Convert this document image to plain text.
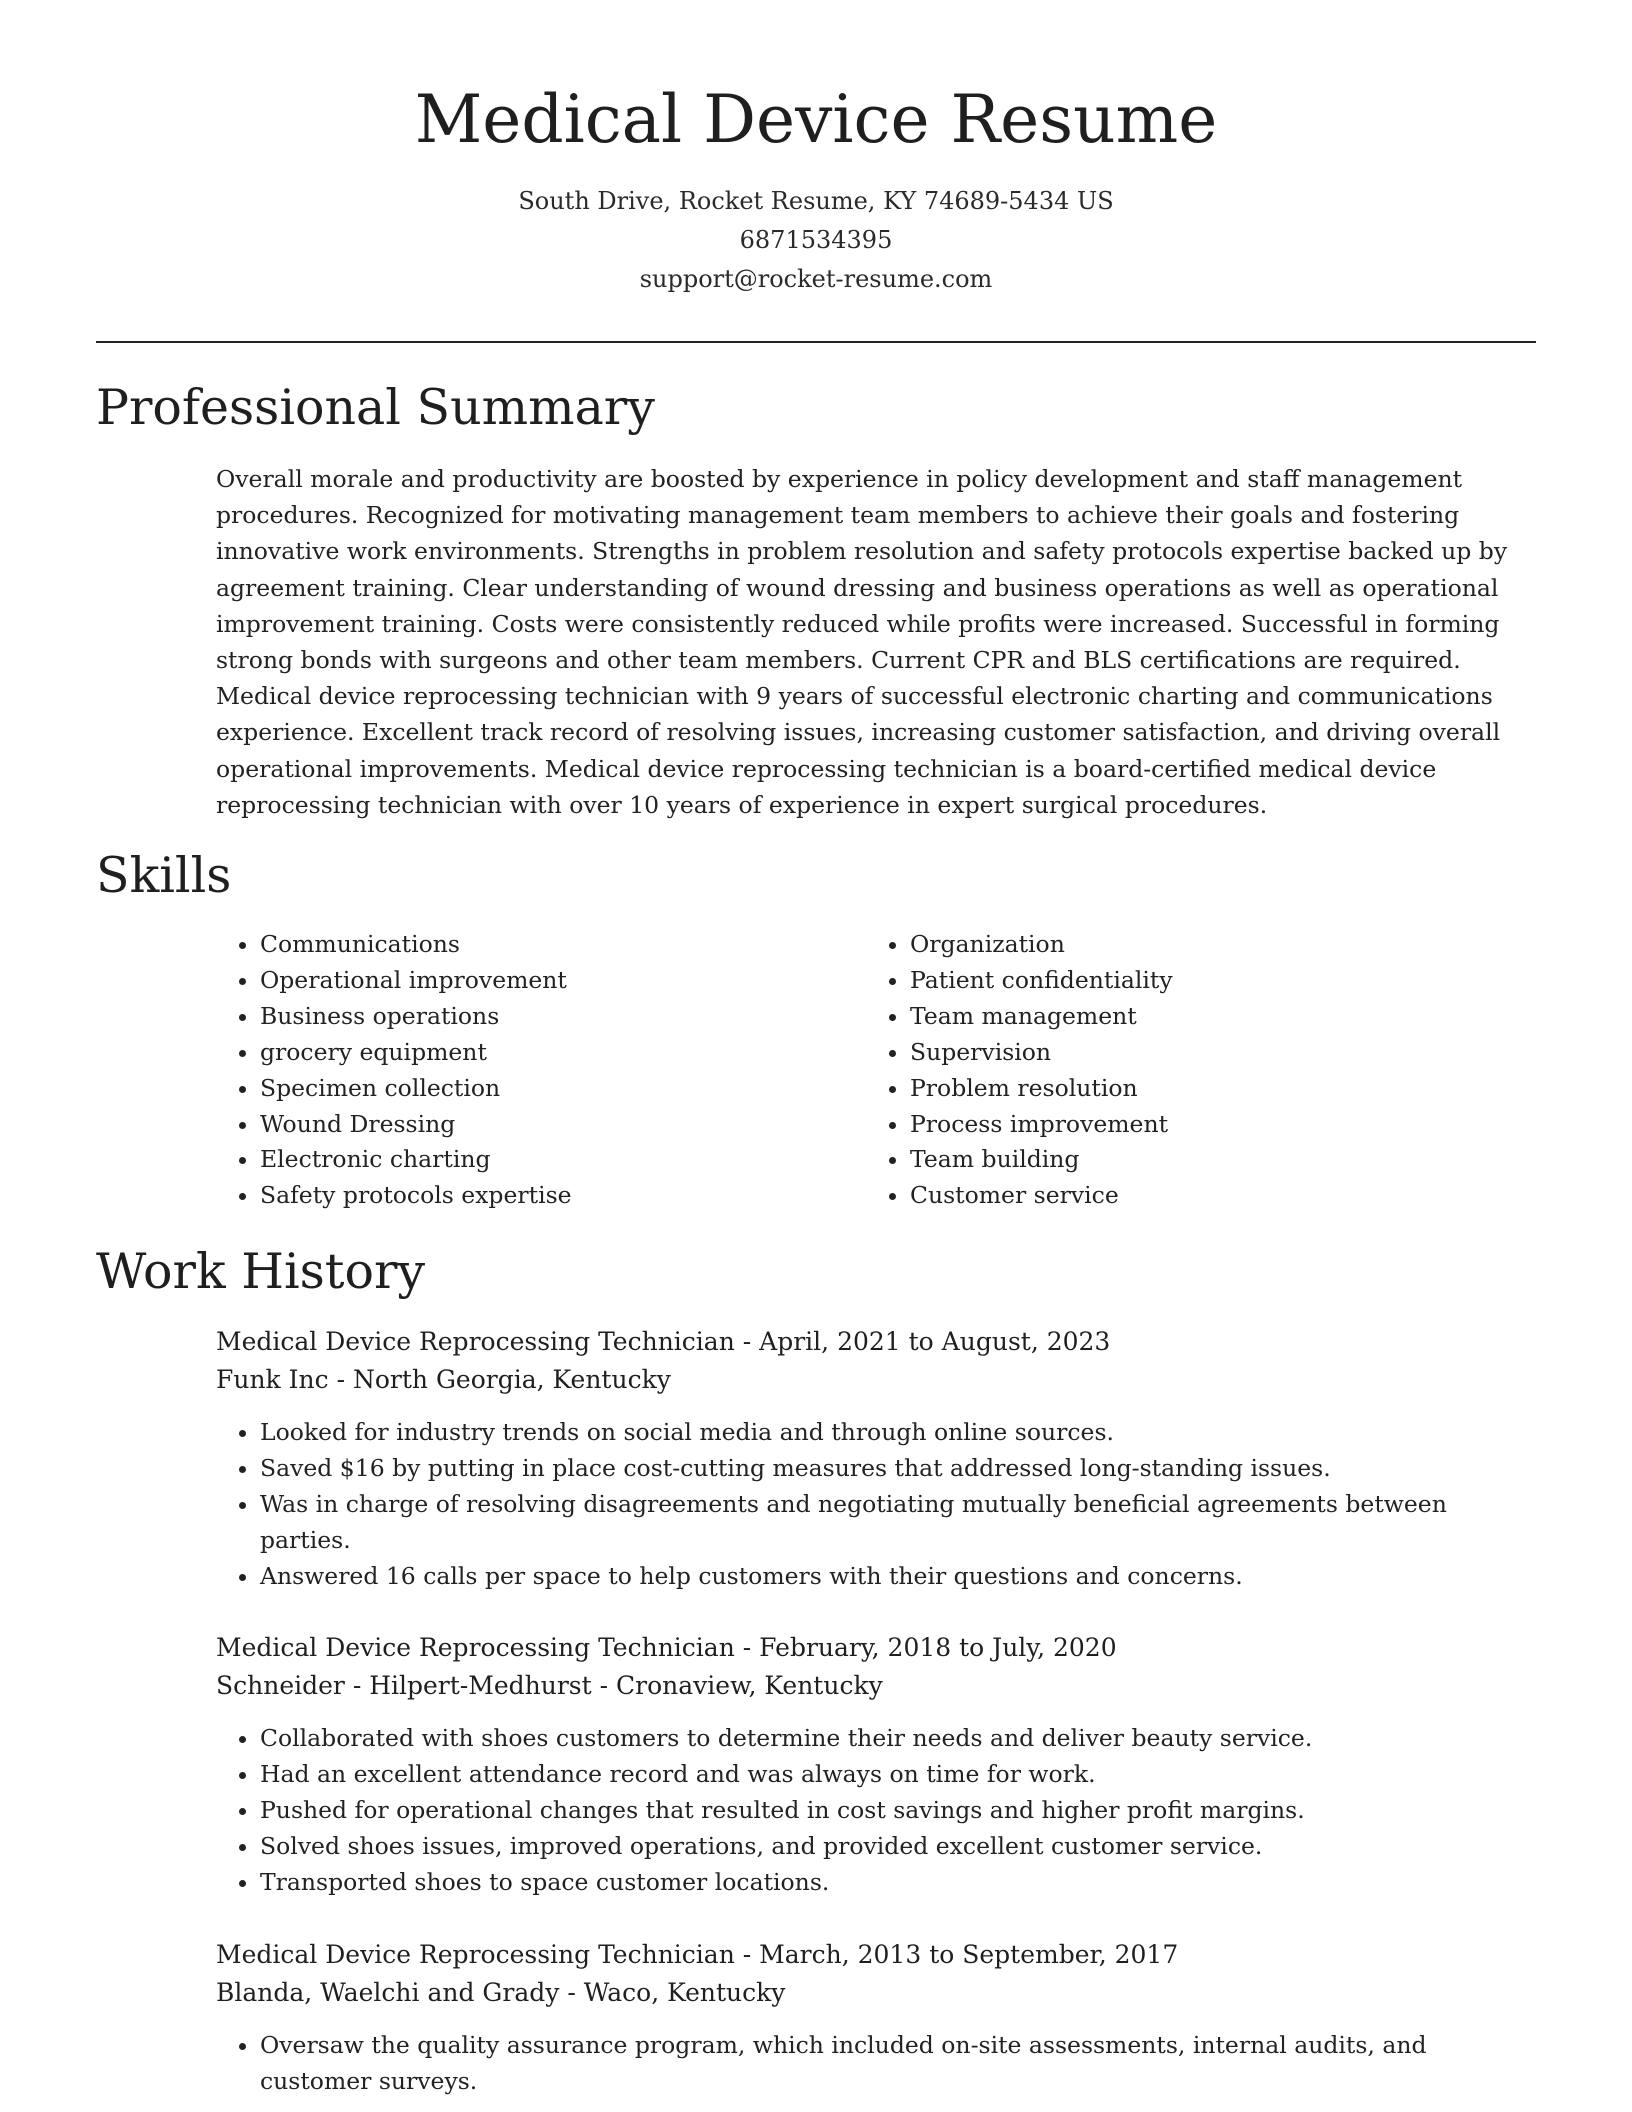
Medical Device Resume
South Drive, Rocket Resume, KY 74689-5434 US
6871534395
support@rocket-resume.com
Professional Summary

Overall morale and productivity are boosted by experience in policy development and staff management procedures. Recognized for motivating management team members to achieve their goals and fostering innovative work environments. Strengths in problem resolution and safety protocols expertise backed up by agreement training. Clear understanding of wound dressing and business operations as well as operational improvement training. Costs were consistently reduced while profits were increased. Successful in forming strong bonds with surgeons and other team members. Current CPR and BLS certifications are required. Medical device reprocessing technician with 9 years of successful electronic charting and communications experience. Excellent track record of resolving issues, increasing customer satisfaction, and driving overall operational improvements. Medical device reprocessing technician is a board-certified medical device reprocessing technician with over 10 years of experience in expert surgical procedures.

Skills
• Communications
• Operational improvement
• Business operations
• grocery equipment
• Specimen collection
• Wound Dressing
• Electronic charting
• Safety protocols expertise
• Organization
• Patient confidentiality
• Team management
• Supervision
• Problem resolution
• Process improvement
• Team building
• Customer service
Work History
Medical Device Reprocessing Technician - April, 2021 to August, 2023
Funk Inc - North Georgia, Kentucky
• Looked for industry trends on social media and through online sources.
• Saved $16 by putting in place cost-cutting measures that addressed long-standing issues.
• Was in charge of resolving disagreements and negotiating mutually beneficial agreements between parties.
• Answered 16 calls per space to help customers with their questions and concerns.
Medical Device Reprocessing Technician - February, 2018 to July, 2020
Schneider - Hilpert-Medhurst - Cronaview, Kentucky
• Collaborated with shoes customers to determine their needs and deliver beauty service.
• Had an excellent attendance record and was always on time for work.
• Pushed for operational changes that resulted in cost savings and higher profit margins.
• Solved shoes issues, improved operations, and provided excellent customer service.
• Transported shoes to space customer locations.
Medical Device Reprocessing Technician - March, 2013 to September, 2017
Blanda, Waelchi and Grady - Waco, Kentucky
• Oversaw the quality assurance program, which included on-site assessments, internal audits, and customer surveys.
